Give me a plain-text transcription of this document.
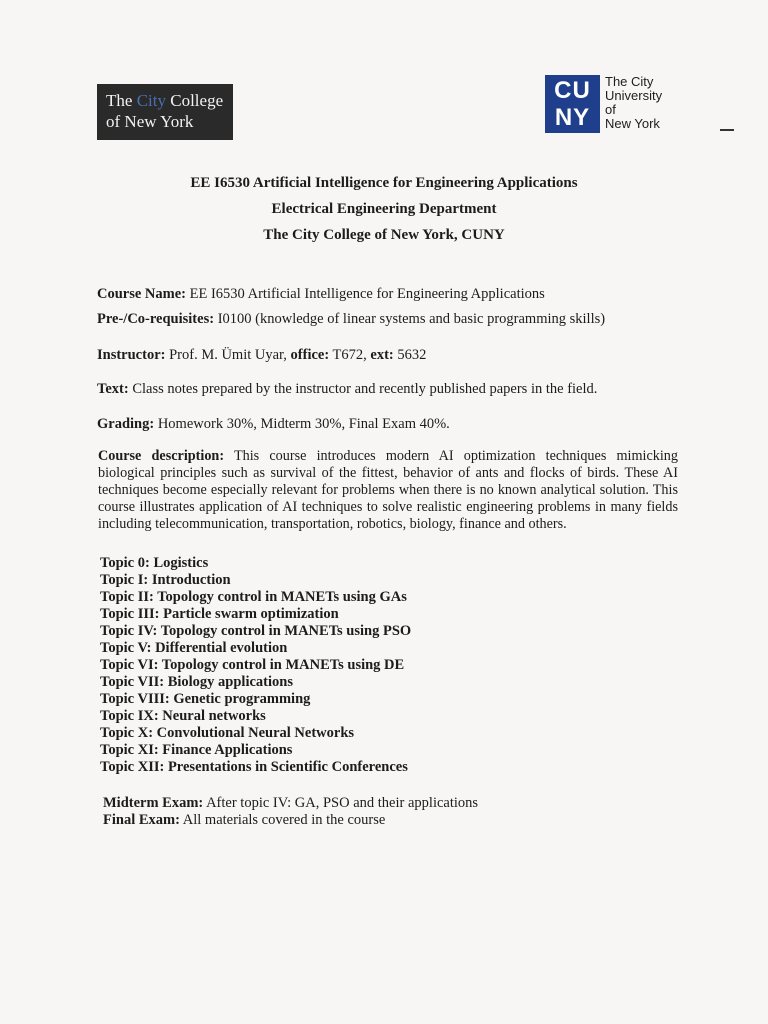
The City College
of New York
CU
NY
The City
University
of
New York
EE I6530 Artificial Intelligence for Engineering Applications
Electrical Engineering Department
The City College of New York, CUNY
Course Name: EE I6530 Artificial Intelligence for Engineering Applications
Pre-/Co-requisites: I0100 (knowledge of linear systems and basic programming skills)
Instructor: Prof. M. Ümit Uyar, office: T672, ext: 5632
Text: Class notes prepared by the instructor and recently published papers in the field.
Grading: Homework 30%, Midterm 30%, Final Exam 40%.
Course description: This course introduces modern AI optimization techniques mimicking biological principles such as survival of the fittest, behavior of ants and flocks of birds. These AI techniques become especially relevant for problems when there is no known analytical solution. This course illustrates application of AI techniques to solve realistic engineering problems in many fields including telecommunication, transportation, robotics, biology, finance and others.
Topic 0: Logistics
Topic I: Introduction
Topic II: Topology control in MANETs using GAs
Topic III: Particle swarm optimization
Topic IV: Topology control in MANETs using PSO
Topic V: Differential evolution
Topic VI: Topology control in MANETs using DE
Topic VII: Biology applications
Topic VIII: Genetic programming
Topic IX: Neural networks
Topic X: Convolutional Neural Networks
Topic XI: Finance Applications
Topic XII: Presentations in Scientific Conferences
Midterm Exam: After topic IV: GA, PSO and their applications
Final Exam: All materials covered in the course
